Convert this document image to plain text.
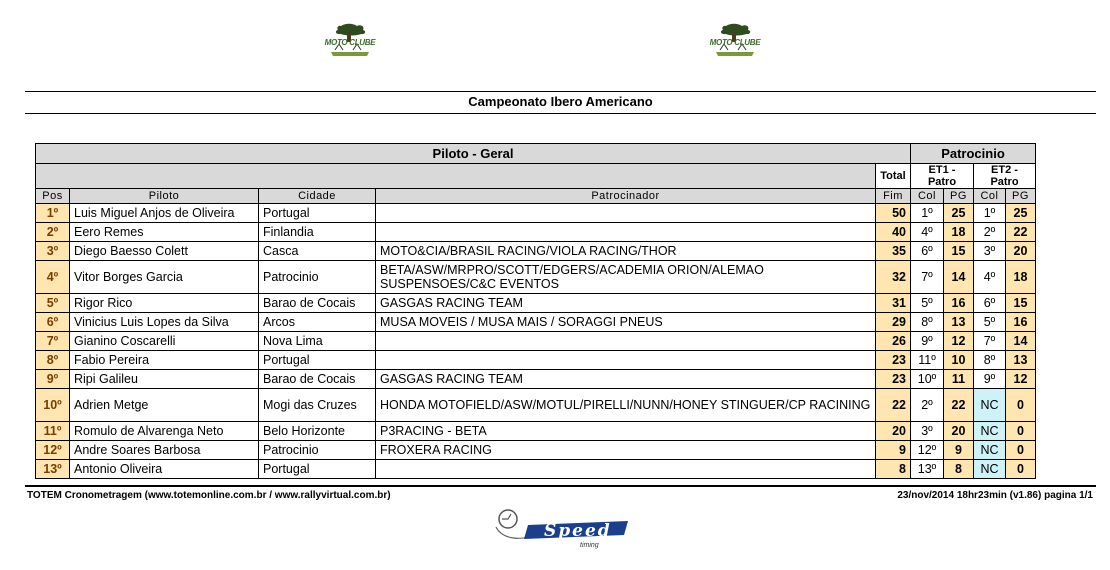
MOTO CLUBE	MOTO CLUBE
Campeonato Ibero Americano
Piloto - Geral					Patrocinio			
				Total	ET1 - Patro		ET2 - Patro	
Pos	Piloto	Cidade	Patrocinador	Fim	Col	PG	Col	PG
1º	Luis Miguel Anjos de Oliveira	Portugal		50	1º	25	1º	25
2º	Eero Remes	Finlandia		40	4º	18	2º	22
3º	Diego Baesso Colett	Casca	MOTO&CIA/BRASIL RACING/VIOLA RACING/THOR	35	6º	15	3º	20
4º	Vitor Borges Garcia	Patrocinio	BETA/ASW/MRPRO/SCOTT/EDGERS/ACADEMIA ORION/ALEMAO SUSPENSOES/C&C EVENTOS	32	7º	14	4º	18
5º	Rigor Rico	Barao de Cocais	GASGAS RACING TEAM	31	5º	16	6º	15
6º	Vinicius Luis Lopes da Silva	Arcos	MUSA MOVEIS / MUSA MAIS / SORAGGI PNEUS	29	8º	13	5º	16
7º	Gianino Coscarelli	Nova Lima		26	9º	12	7º	14
8º	Fabio Pereira	Portugal		23	11º	10	8º	13
9º	Ripi Galileu	Barao de Cocais	GASGAS RACING TEAM	23	10º	11	9º	12
10º	Adrien Metge	Mogi das Cruzes	HONDA MOTOFIELD/ASW/MOTUL/PIRELLI/NUNN/HONEY STINGUER/CP RACINING	22	2º	22	NC	0
11º	Romulo de Alvarenga Neto	Belo Horizonte	P3RACING - BETA	20	3º	20	NC	0
12º	Andre Soares Barbosa	Patrocinio	FROXERA RACING	9	12º	9	NC	0
13º	Antonio Oliveira	Portugal		8	13º	8	NC	0
TOTEM Cronometragem (www.totemonline.com.br / www.rallyvirtual.com.br)	23/nov/2014 18hr23min (v1.86) pagina 1/1
Speed
timing
